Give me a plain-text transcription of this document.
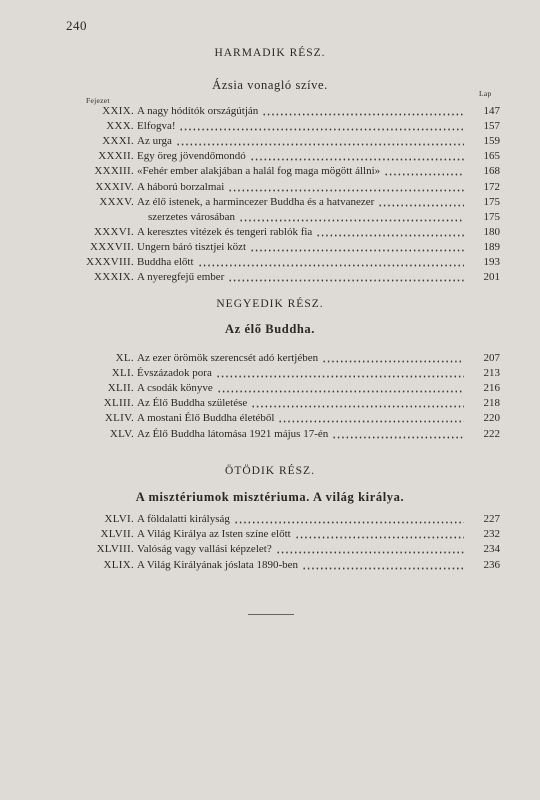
240
HARMADIK RÉSZ.
Ázsia vonagló szíve.
Fejezet
Lap
XXIX. A nagy hódítók országútján	147
XXX. Elfogva!	157
XXXI. Az urga	159
XXXII. Egy öreg jövendőmondó	165
XXXIII. «Fehér ember alakjában a halál fog maga mögött állni»	168
XXXIV. A háború borzalmai	172
XXXV. Az élő istenek, a harmincezer Buddha és a hatvanezer	175
szerzetes városában	175
XXXVI. A keresztes vitézek és tengeri rablók fia	180
XXXVII. Ungern báró tisztjei közt	189
XXXVIII. Buddha előtt	193
XXXIX. A nyeregfejű ember	201
XL. Az ezer örömök szerencsét adó kertjében	207
XLI. Évszázadok pora	213
XLII. A csodák könyve	216
XLIII. Az Élő Buddha születése	218
XLIV. A mostani Élő Buddha életéből	220
XLV. Az Élő Buddha látomása 1921 május 17-én	222
XLVI. A földalatti királyság	227
XLVII. A Világ Királya az Isten színe előtt	232
XLVIII. Valóság vagy vallási képzelet?	234
XLIX. A Világ Királyának jóslata 1890-ben	236
NEGYEDIK RÉSZ.
Az élő Buddha.
ÖTÖDIK RÉSZ.
A misztériumok misztériuma. A világ királya.
